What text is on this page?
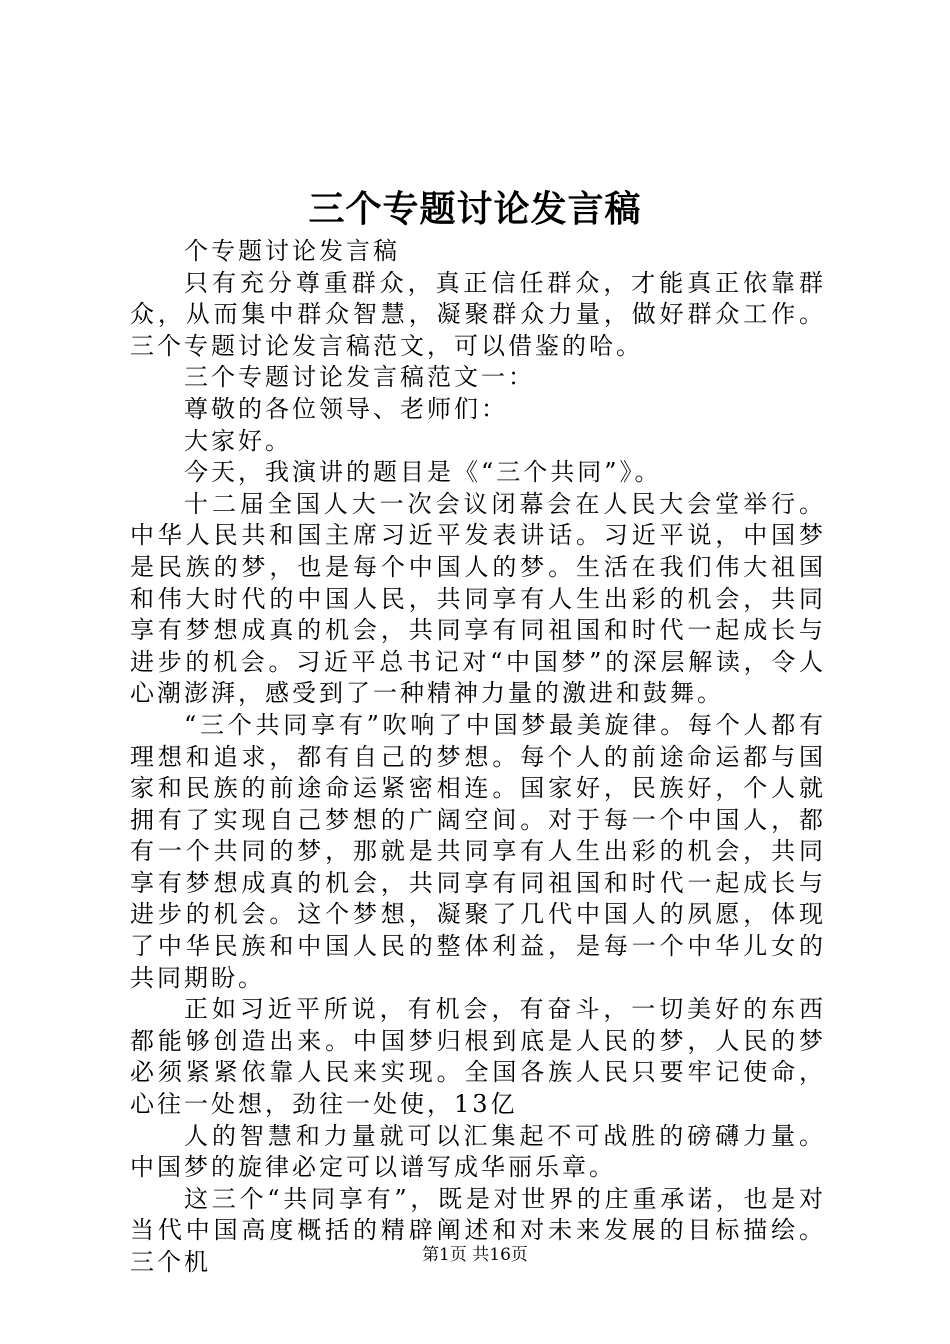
三个专题讨论发言稿

个专题讨论发言稿

只有充分尊重群众，真正信任群众，才能真正依靠群众，从而集中群众智慧，凝聚群众力量，做好群众工作。三个专题讨论发言稿范文，可以借鉴的哈。

三个专题讨论发言稿范文一：

尊敬的各位领导、老师们：

大家好。

今天，我演讲的题目是《“三个共同”》。

十二届全国人大一次会议闭幕会在人民大会堂举行。中华人民共和国主席习近平发表讲话。习近平说，中国梦是民族的梦，也是每个中国人的梦。生活在我们伟大祖国和伟大时代的中国人民，共同享有人生出彩的机会，共同享有梦想成真的机会，共同享有同祖国和时代一起成长与进步的机会。习近平总书记对“中国梦”的深层解读，令人心潮澎湃，感受到了一种精神力量的激进和鼓舞。

“三个共同享有”吹响了中国梦最美旋律。每个人都有理想和追求，都有自己的梦想。每个人的前途命运都与国家和民族的前途命运紧密相连。国家好，民族好，个人就拥有了实现自己梦想的广阔空间。对于每一个中国人，都有一个共同的梦，那就是共同享有人生出彩的机会，共同享有梦想成真的机会，共同享有同祖国和时代一起成长与进步的机会。这个梦想，凝聚了几代中国人的夙愿，体现了中华民族和中国人民的整体利益，是每一个中华儿女的共同期盼。

正如习近平所说，有机会，有奋斗，一切美好的东西都能够创造出来。中国梦归根到底是人民的梦，人民的梦必须紧紧依靠人民来实现。全国各族人民只要牢记使命，心往一处想，劲往一处使，13亿

人的智慧和力量就可以汇集起不可战胜的磅礴力量。中国梦的旋律必定可以谱写成华丽乐章。

这三个“共同享有”，既是对世界的庄重承诺，也是对当代中国高度概括的精辟阐述和对未来发展的目标描绘。三个机	第1页 共16页
